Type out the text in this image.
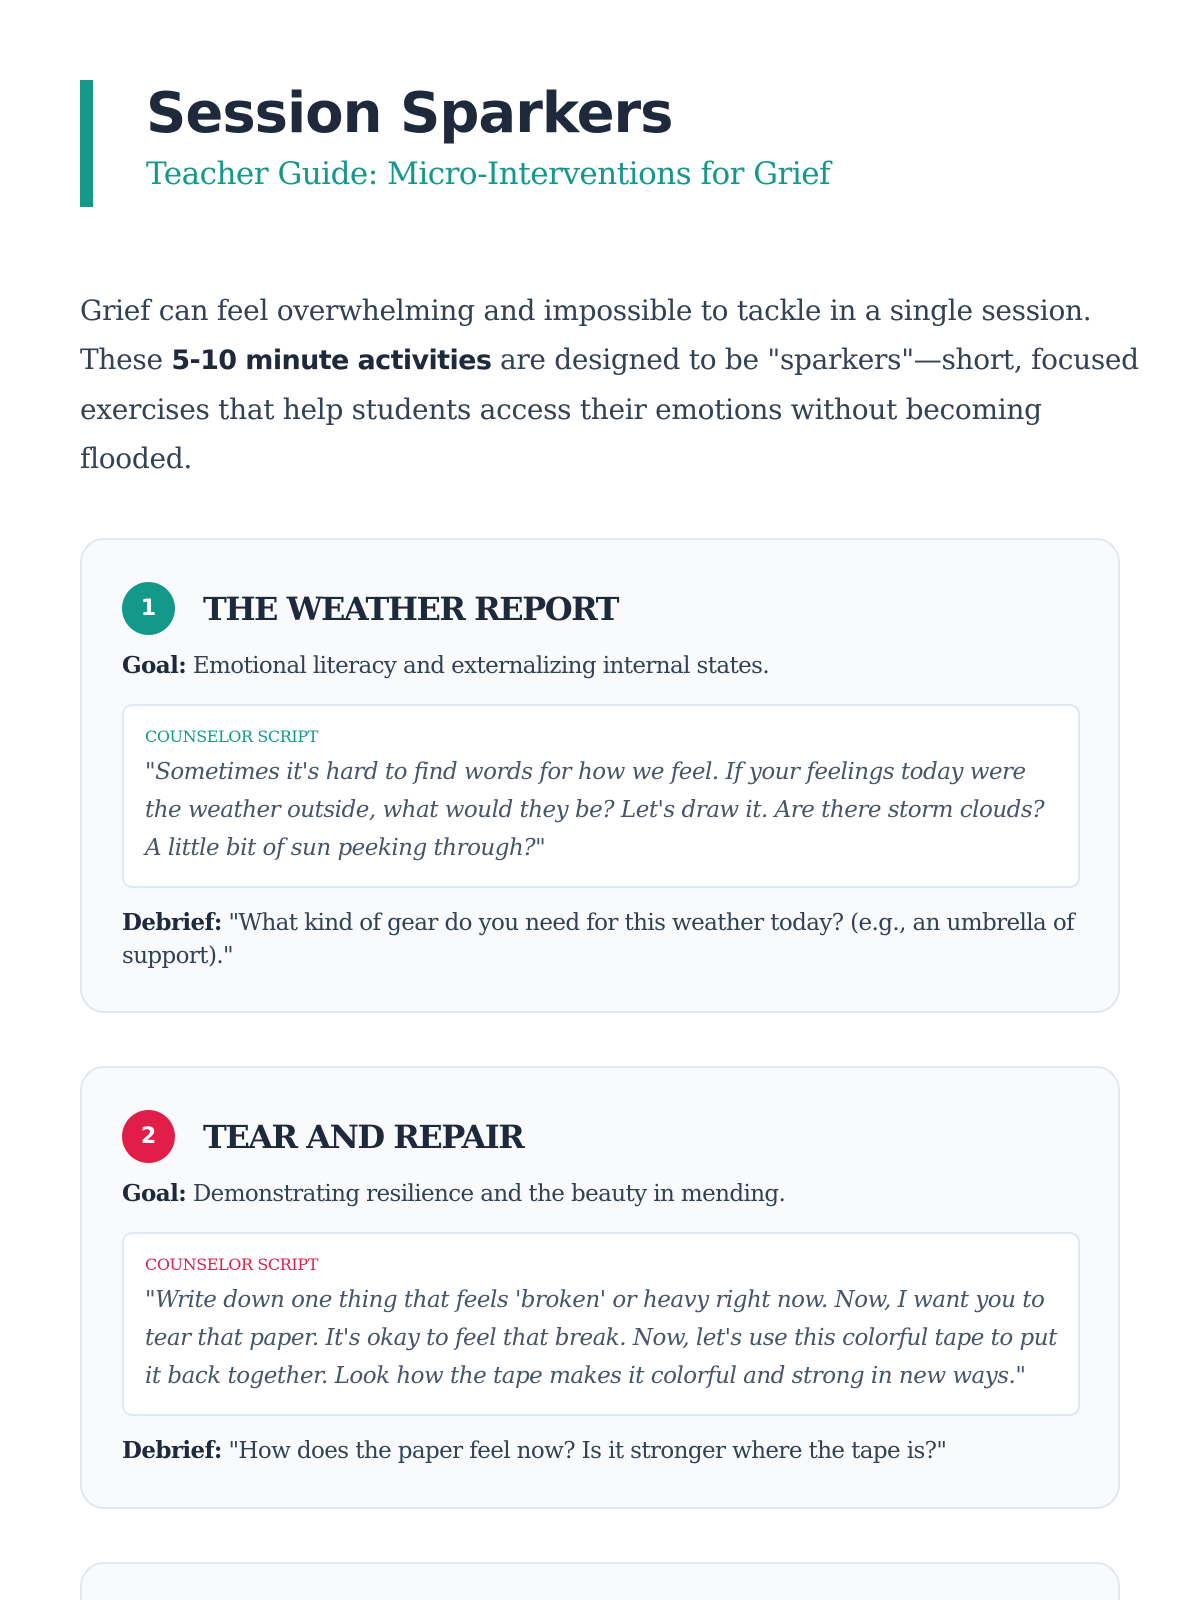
Session Sparkers
Teacher Guide: Micro-Interventions for Grief
Grief can feel overwhelming and impossible to tackle in a single session. These 5-10 minute activities are designed to be "sparkers"—short, focused exercises that help students access their emotions without becoming flooded.
1	THE WEATHER REPORT
Goal: Emotional literacy and externalizing internal states.
COUNSELOR SCRIPT
"Sometimes it's hard to find words for how we feel. If your feelings today were the weather outside, what would they be? Let's draw it. Are there storm clouds? A little bit of sun peeking through?"
Debrief: "What kind of gear do you need for this weather today? (e.g., an umbrella of support)."
2	TEAR AND REPAIR
Goal: Demonstrating resilience and the beauty in mending.
COUNSELOR SCRIPT
"Write down one thing that feels 'broken' or heavy right now. Now, I want you to tear that paper. It's okay to feel that break. Now, let's use this colorful tape to put it back together. Look how the tape makes it colorful and strong in new ways."
Debrief: "How does the paper feel now? Is it stronger where the tape is?"
